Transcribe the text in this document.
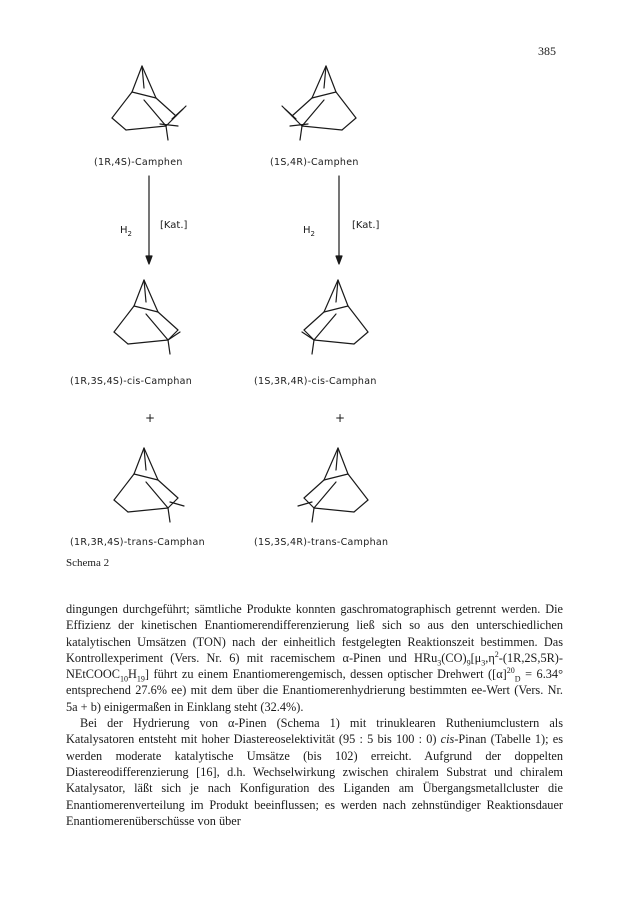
385
(1R,4S)-Camphen	(1S,4R)-Camphen
$H_2$
[Kat.]	$H_2$
[Kat.]
(1R,3S,4S)-cis-Camphan	(1S,3R,4R)-cis-Camphan
+	+
(1R,3R,4S)-trans-Camphan	(1S,3S,4R)-trans-Camphan
Schema 2

dingungen durchgeführt; sämtliche Produkte konnten gaschromatographisch getrennt werden. Die Effizienz der kinetischen Enantiomerendifferenzierung ließ sich so aus den unterschiedlichen katalytischen Umsätzen (TON) nach der einheitlich festgelegten Reaktionszeit bestimmen. Das Kontrollexperiment (Vers. Nr. 6) mit racemischem α-Pinen und $HRu_3(CO)_9[\mu_3,\eta^2-(1R,2S,5R)-NEtCOOC_{10}H_{19}]$ führt zu einem Enantiomerengemisch, dessen optischer Drehwert ($[\alpha]^{20}_D = 6.34^\circ$ entsprechend 27.6% ee) mit dem über die Enantiomerenhydrierung bestimmten ee-Wert (Vers. Nr. 5a + b) einigermaßen in Einklang steht (32.4%).

Bei der Hydrierung von α-Pinen (Schema 1) mit trinuklearen Rutheniumclustern als Katalysatoren entsteht mit hoher Diastereoselektivität (95 : 5 bis 100 : 0) cis-Pinan (Tabelle 1); es werden moderate katalytische Umsätze (bis 102) erreicht. Aufgrund der doppelten Diastereodifferenzierung [16], d.h. Wechselwirkung zwischen chiralem Substrat und chiralem Katalysator, läßt sich je nach Konfiguration des Liganden am Übergangsmetallcluster die Enantiomerenverteilung im Produkt beeinflussen; es werden nach zehnstündiger Reaktionsdauer Enantiomerenüberschüsse von über
